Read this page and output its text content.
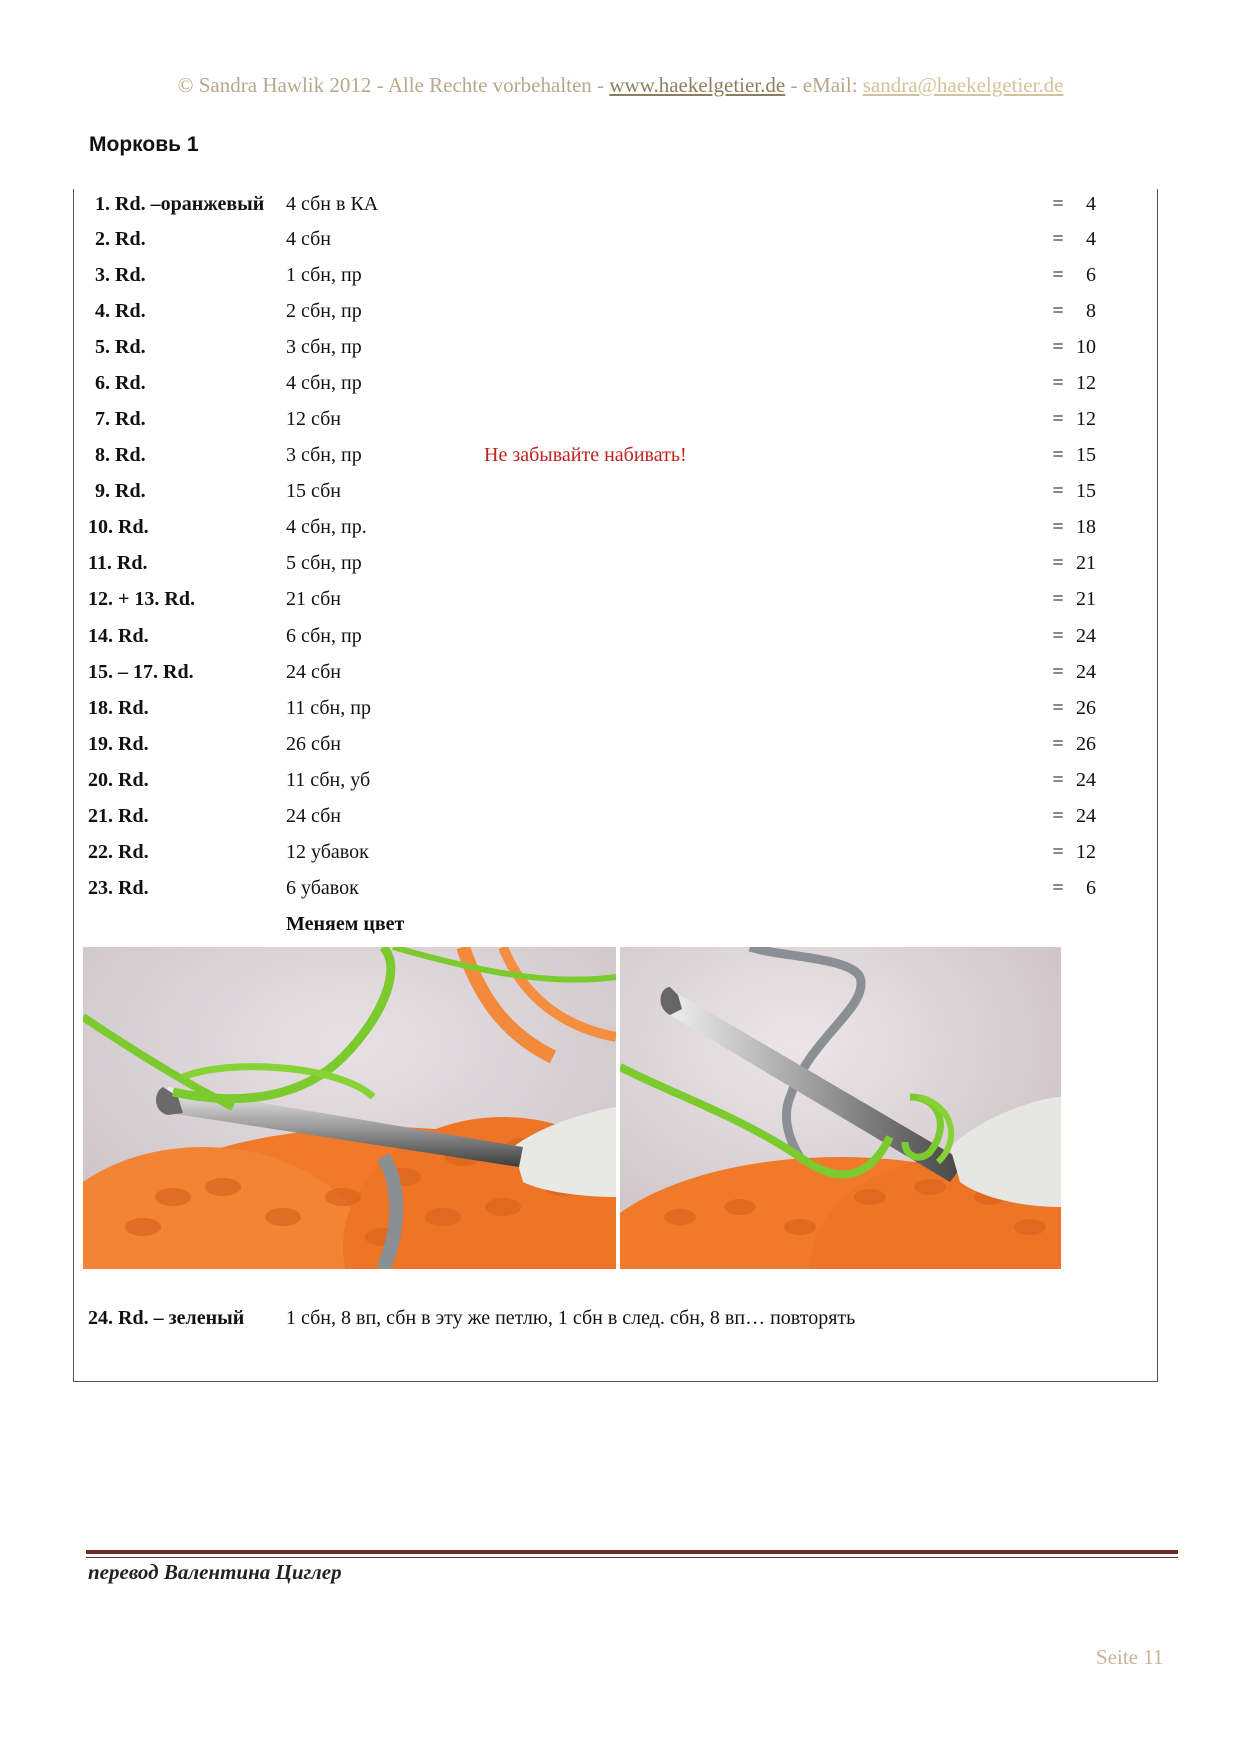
© Sandra Hawlik 2012 - Alle Rechte vorbehalten - www.haekelgetier.de - eMail: sandra@haekelgetier.de
Морковь 1
1. Rd. –оранжевый	4 сбн в КА	=	4
2. Rd.	4 сбн	=	4
3. Rd.	1 сбн, пр	=	6
4. Rd.	2 сбн, пр	=	8
5. Rd.	3 сбн, пр	= 10
6. Rd.	4 сбн, пр	= 12
7. Rd.	12 сбн	= 12
8. Rd.	3 сбн, пр	Не забывайте набивать!	= 15
9. Rd.	15 сбн	= 15
10. Rd.	4 сбн, пр.	= 18
11. Rd.	5 сбн, пр	= 21
12. + 13. Rd.	21 сбн	= 21
14. Rd.	6 сбн, пр	= 24
15. – 17. Rd.	24 сбн	= 24
18. Rd.	11 сбн, пр	= 26
19. Rd.	26 сбн	= 26
20. Rd.	11 сбн, уб	= 24
21. Rd.	24 сбн	= 24
22. Rd.	12 убавок	= 12
23. Rd.	6 убавок	=	6
Меняем цвет
24. Rd. – зеленый 1 сбн, 8 вп, сбн в эту же петлю, 1 сбн в след. сбн, 8 вп… повторять
перевод Валентина Циглер
Seite 11
